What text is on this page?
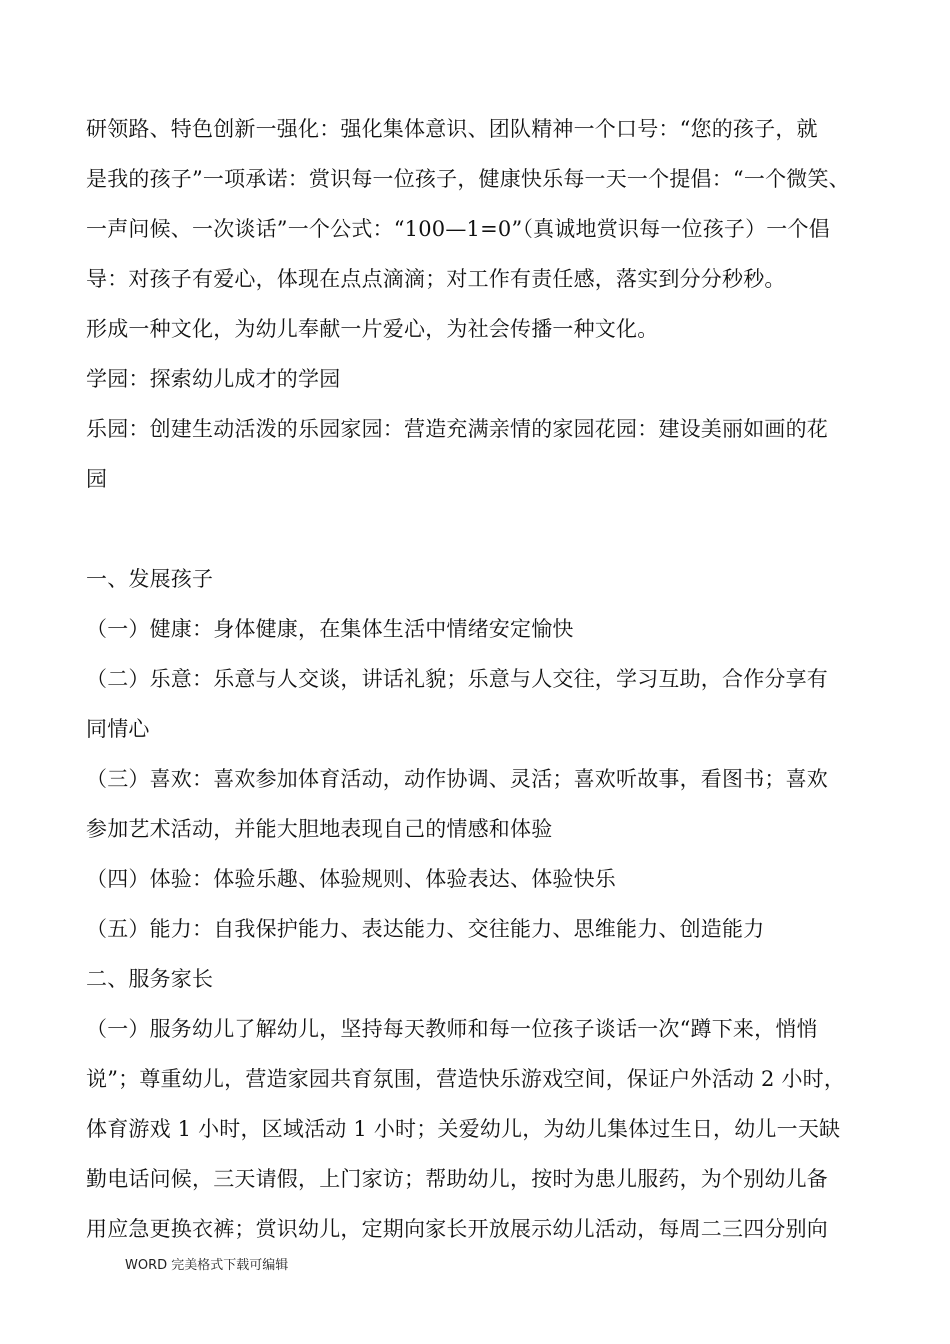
研领路、特色创新一强化：强化集体意识、团队精神一个口号：“您的孩子，就
是我的孩子”一项承诺：赏识每一位孩子，健康快乐每一天一个提倡：“一个微笑、
一声问候、一次谈话”一个公式：“100—1=0”（真诚地赏识每一位孩子）一个倡
导：对孩子有爱心，体现在点点滴滴；对工作有责任感，落实到分分秒秒。
形成一种文化，为幼儿奉献一片爱心，为社会传播一种文化。
学园：探索幼儿成才的学园
乐园：创建生动活泼的乐园家园：营造充满亲情的家园花园：建设美丽如画的花
园
一、发展孩子
（一）健康：身体健康，在集体生活中情绪安定愉快
（二）乐意：乐意与人交谈，讲话礼貌；乐意与人交往，学习互助，合作分享有
同情心
（三）喜欢：喜欢参加体育活动，动作协调、灵活；喜欢听故事，看图书；喜欢
参加艺术活动，并能大胆地表现自己的情感和体验
（四）体验：体验乐趣、体验规则、体验表达、体验快乐
（五）能力：自我保护能力、表达能力、交往能力、思维能力、创造能力
二、服务家长
（一）服务幼儿了解幼儿，坚持每天教师和每一位孩子谈话一次“蹲下来，悄悄
说”；尊重幼儿，营造家园共育氛围，营造快乐游戏空间，保证户外活动 2 小时，
体育游戏 1 小时，区域活动 1 小时；关爱幼儿，为幼儿集体过生日，幼儿一天缺
勤电话问候，三天请假，上门家访；帮助幼儿，按时为患儿服药，为个别幼儿备
用应急更换衣裤；赏识幼儿，定期向家长开放展示幼儿活动，每周二三四分别向
WORD 完美格式下载可编辑
